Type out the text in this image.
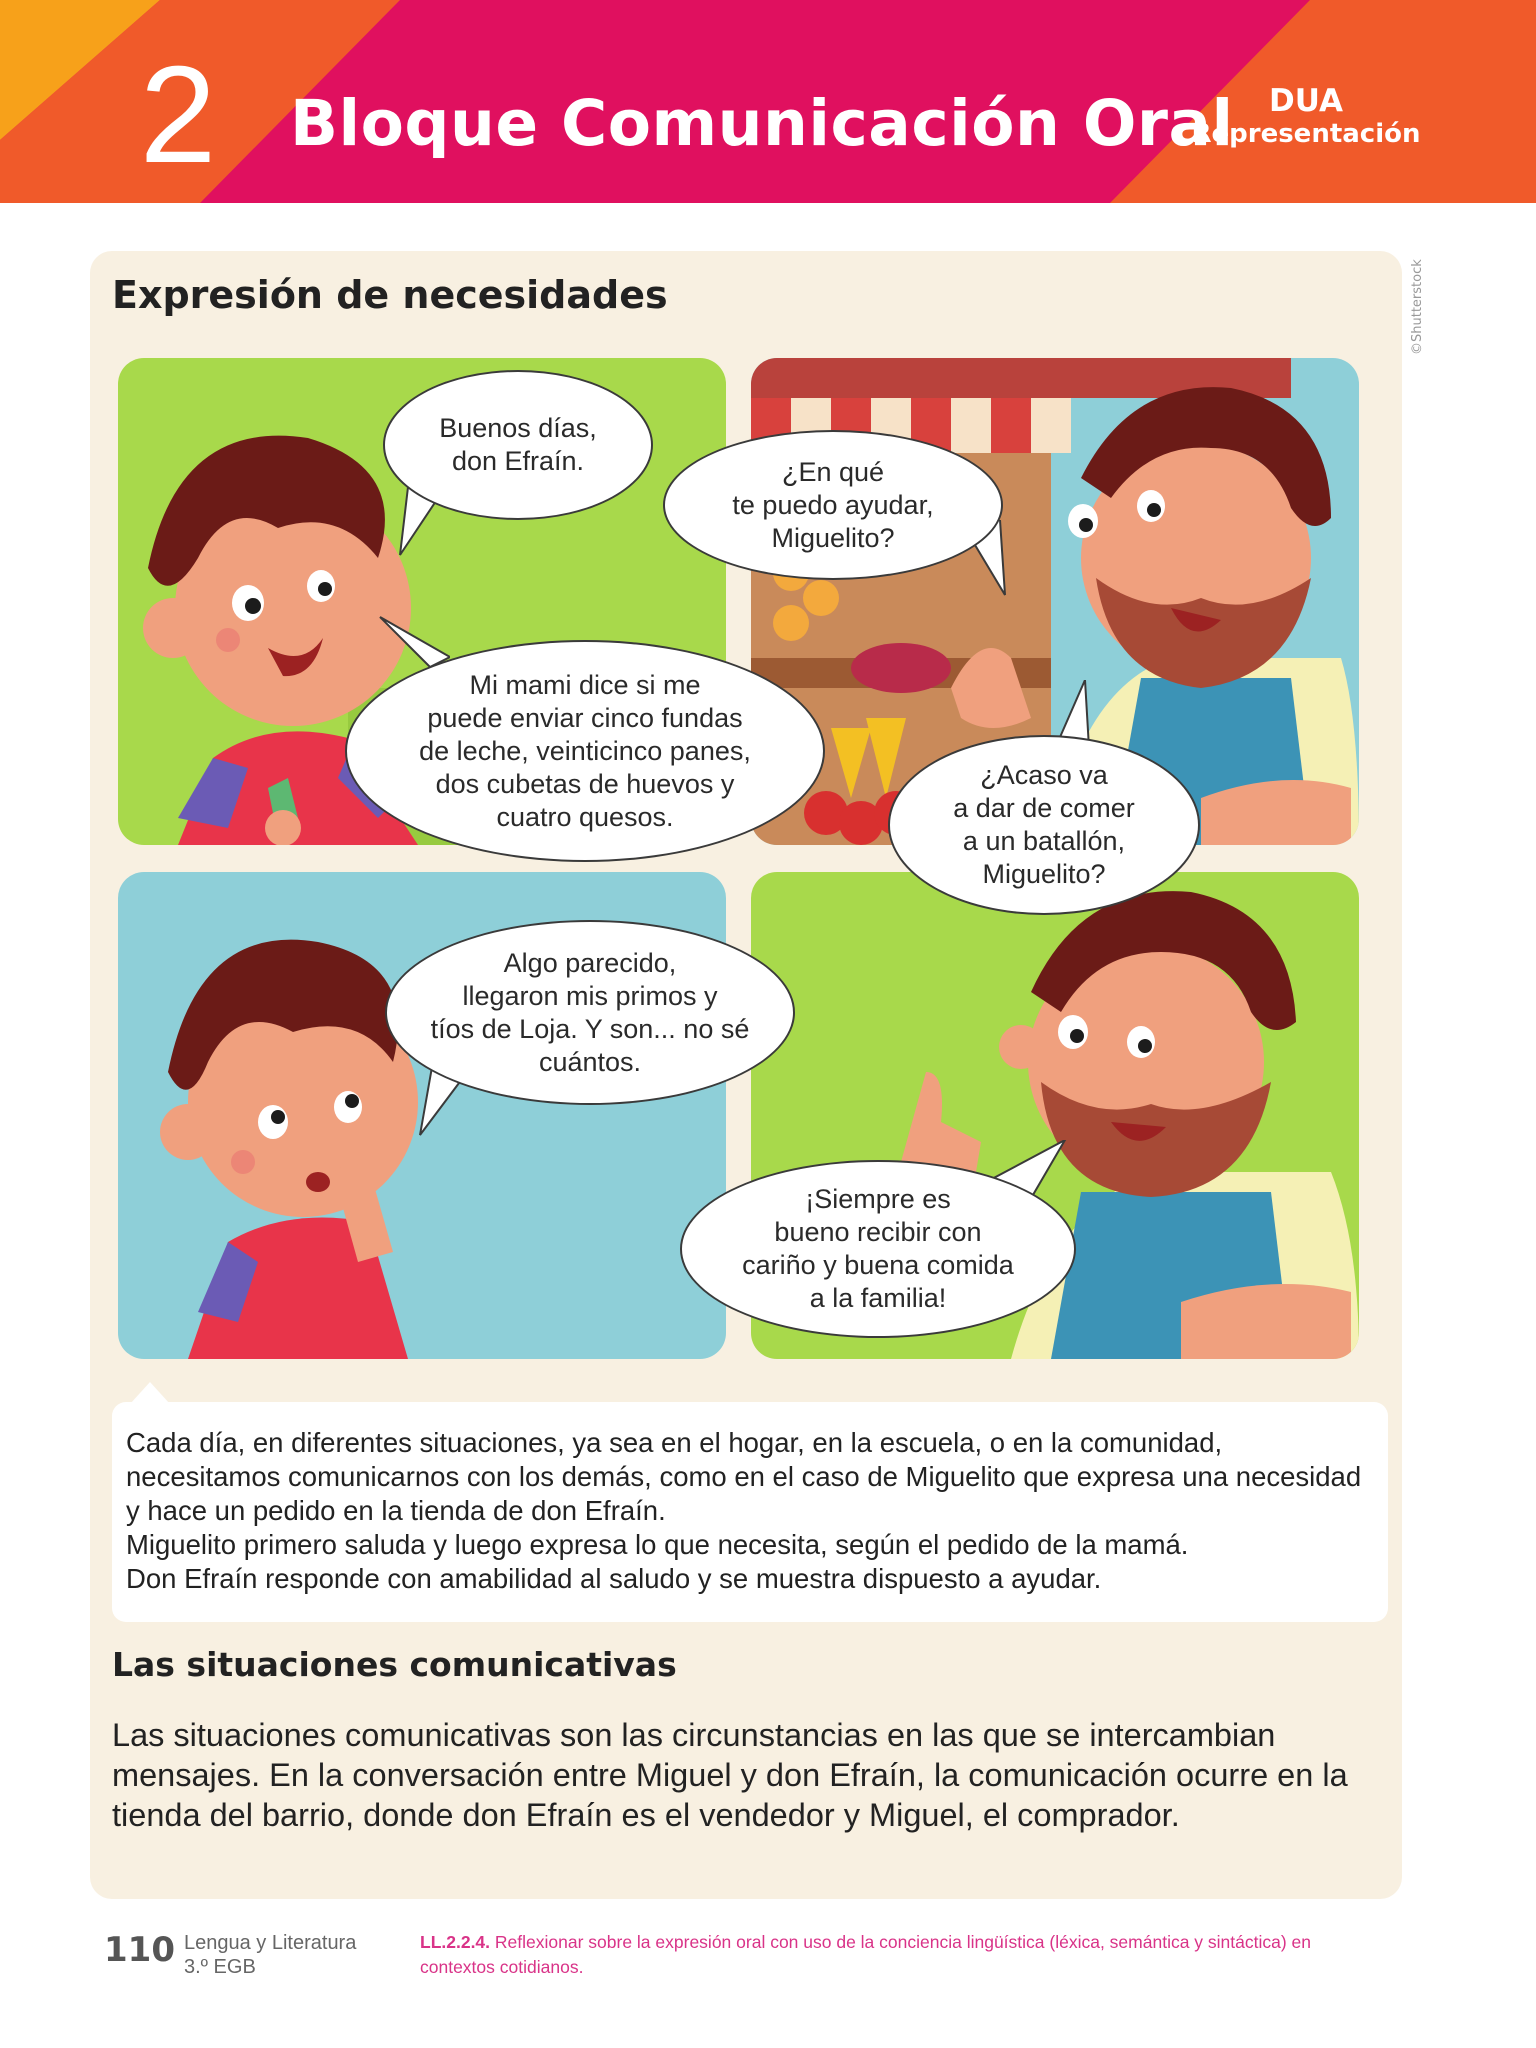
2	Bloque Comunicación Oral	DUA
Representación
Expresión de necesidades	©Shutterstock
Buenos días,
don Efraín.	¿En qué
te puedo ayudar,
Miguelito?
Mi mami dice si me
puede enviar cinco fundas
de leche, veinticinco panes,
dos cubetas de huevos y
cuatro quesos.
¿Acaso va
a dar de comer
a un batallón,
Miguelito?
Algo parecido,
llegaron mis primos y
tíos de Loja. Y son... no sé
cuántos.
¡Siempre es
bueno recibir con
cariño y buena comida
a la familia!

Cada día, en diferentes situaciones, ya sea en el hogar, en la escuela, o en la comunidad, necesitamos comunicarnos con los demás, como en el caso de Miguelito que expresa una necesidad y hace un pedido en la tienda de don Efraín.

Miguelito primero saluda y luego expresa lo que necesita, según el pedido de la mamá.

Don Efraín responde con amabilidad al saludo y se muestra dispuesto a ayudar.

Las situaciones comunicativas
Las situaciones comunicativas son las circunstancias en las que se intercambian mensajes. En la conversación entre Miguel y don Efraín, la comunicación ocurre en la tienda del barrio, donde don Efraín es el vendedor y Miguel, el comprador.
110 Lengua y Literatura
3.º EGB
LL.2.2.4. Reflexionar sobre la expresión oral con uso de la conciencia lingüística (léxica, semántica y sintáctica) en contextos cotidianos.
